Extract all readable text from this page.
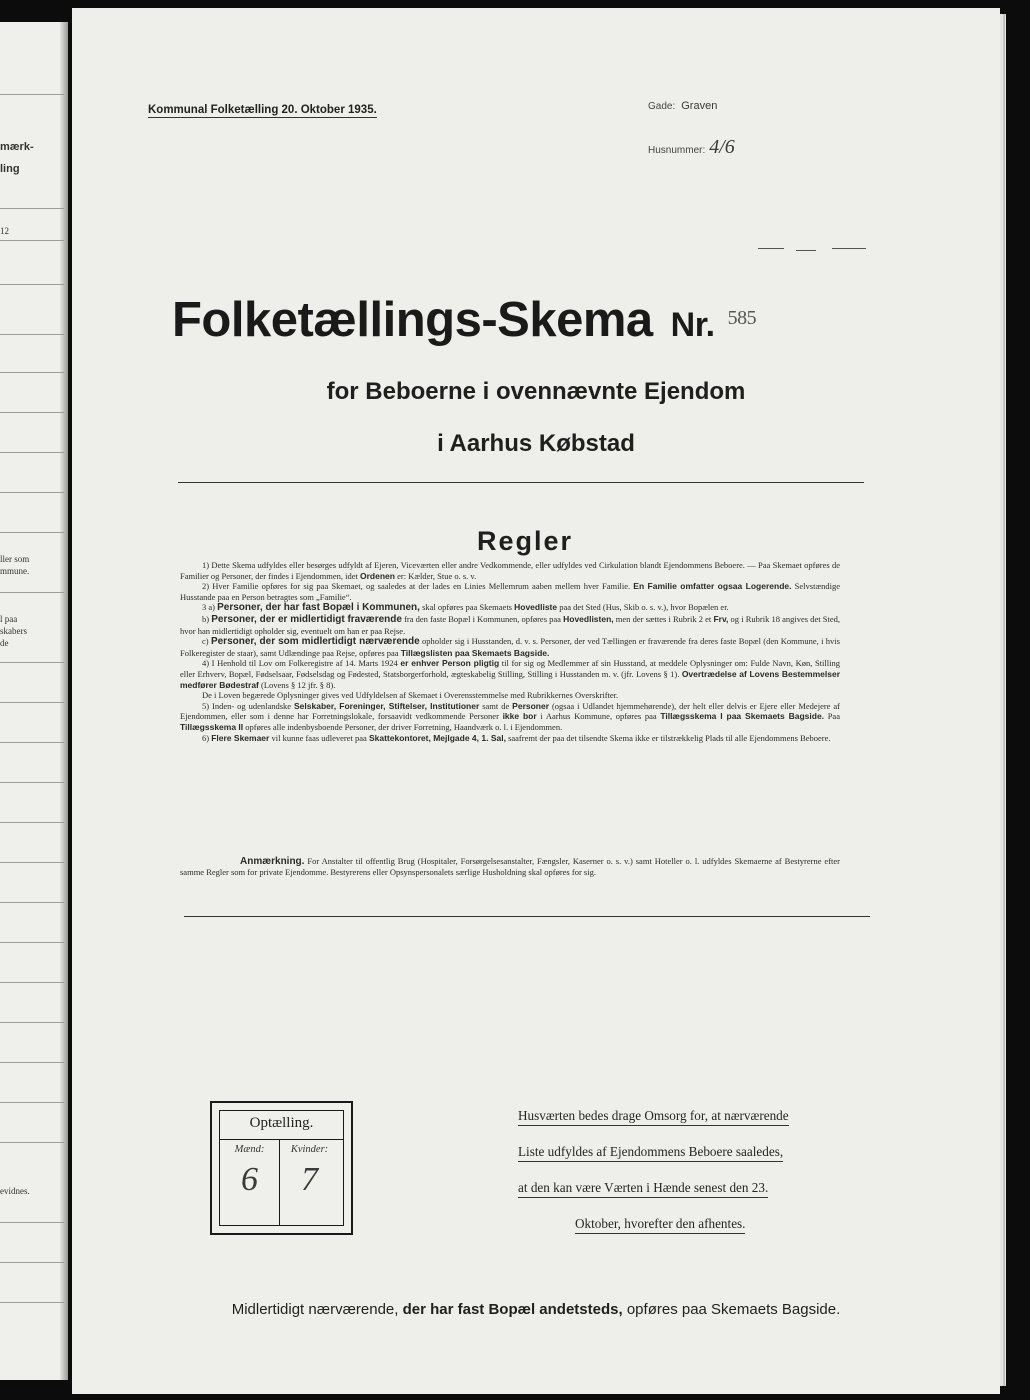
mærk-
ling
12
ller som
mmune.
l paa
skabers
de
evidnes.
Kommunal Folketælling 20. Oktober 1935.	Gade: Graven
Husnummer: 4/6
Folketællings-Skema Nr. $^{585}$
for Beboerne i ovennævnte Ejendom
i Aarhus Købstad
Regler

1) Dette Skema udfyldes eller besørges udfyldt af Ejeren, Viceværten eller andre Vedkommende, eller udfyldes ved Cirkulation blandt Ejendommens Beboere. — Paa Skemaet opføres de Familier og Personer, der findes i Ejendommen, idet Ordenen er: Kælder, Stue o. s. v.

2) Hver Familie opføres for sig paa Skemaet, og saaledes at der lades en Linies Mellemrum aaben mellem hver Familie. En Familie omfatter ogsaa Logerende. Selvstændige Husstande paa en Person betragtes som „Familie“.

3 a) Personer, der har fast Bopæl i Kommunen, skal opføres paa Skemaets Hovedliste paa det Sted (Hus, Skib o. s. v.), hvor Bopælen er.

b) Personer, der er midlertidigt fraværende fra den faste Bopæl i Kommunen, opføres paa Hovedlisten, men der sættes i Rubrik 2 et Frv, og i Rubrik 18 angives det Sted, hvor han midlertidigt opholder sig, eventuelt om han er paa Rejse.

c) Personer, der som midlertidigt nærværende opholder sig i Husstanden, d. v. s. Personer, der ved Tællingen er fraværende fra deres faste Bopæl (den Kommune, i hvis Folkeregister de staar), samt Udlændinge paa Rejse, opføres paa Tillægslisten paa Skemaets Bagside.

4) I Henhold til Lov om Folkeregistre af 14. Marts 1924 er enhver Person pligtig til for sig og Medlemmer af sin Husstand, at meddele Oplysninger om: Fulde Navn, Køn, Stilling eller Erhverv, Bopæl, Fødselsaar, Fødselsdag og Fødested, Statsborgerforhold, ægteskabelig Stilling, Stilling i Husstanden m. v. (jfr. Lovens § 1). Overtrædelse af Lovens Bestemmelser medfører Bødestraf (Lovens § 12 jfr. § 8).

De i Loven begærede Oplysninger gives ved Udfyldelsen af Skemaet i Overensstemmelse med Rubrikkernes Overskrifter.

5) Inden- og udenlandske Selskaber, Foreninger, Stiftelser, Institutioner samt de Personer (ogsaa i Udlandet hjemmehørende), der helt eller delvis er Ejere eller Medejere af Ejendommen, eller som i denne har Forretningslokale, forsaavidt vedkommende Personer ikke bor i Aarhus Kommune, opføres paa Tillægsskema I paa Skemaets Bagside. Paa Tillægsskema II opføres alle indenbysboende Personer, der driver Forretning, Haandværk o. l. i Ejendommen.

6) Flere Skemaer vil kunne faas udleveret paa Skattekontoret, Mejlgade 4, 1. Sal, saafremt der paa det tilsendte Skema ikke er tilstrækkelig Plads til alle Ejendommens Beboere.

Anmærkning. For Anstalter til offentlig Brug (Hospitaler, Forsørgelsesanstalter, Fængsler, Kaserner o. s. v.) samt Hoteller o. l. udfyldes Skemaerne af Bestyrerne efter samme Regler som for private Ejendomme. Bestyrerens eller Opsynspersonalets særlige Husholdning skal opføres for sig.

Optælling.
Mænd:	Kvinder:
6	7
Husværten bedes drage Omsorg for, at nærværende
Liste udfyldes af Ejendommens Beboere saaledes,
at den kan være Værten i Hænde senest den 23.
Oktober, hvorefter den afhentes.
Midlertidigt nærværende, der har fast Bopæl andetsteds, opføres paa Skemaets Bagside.
